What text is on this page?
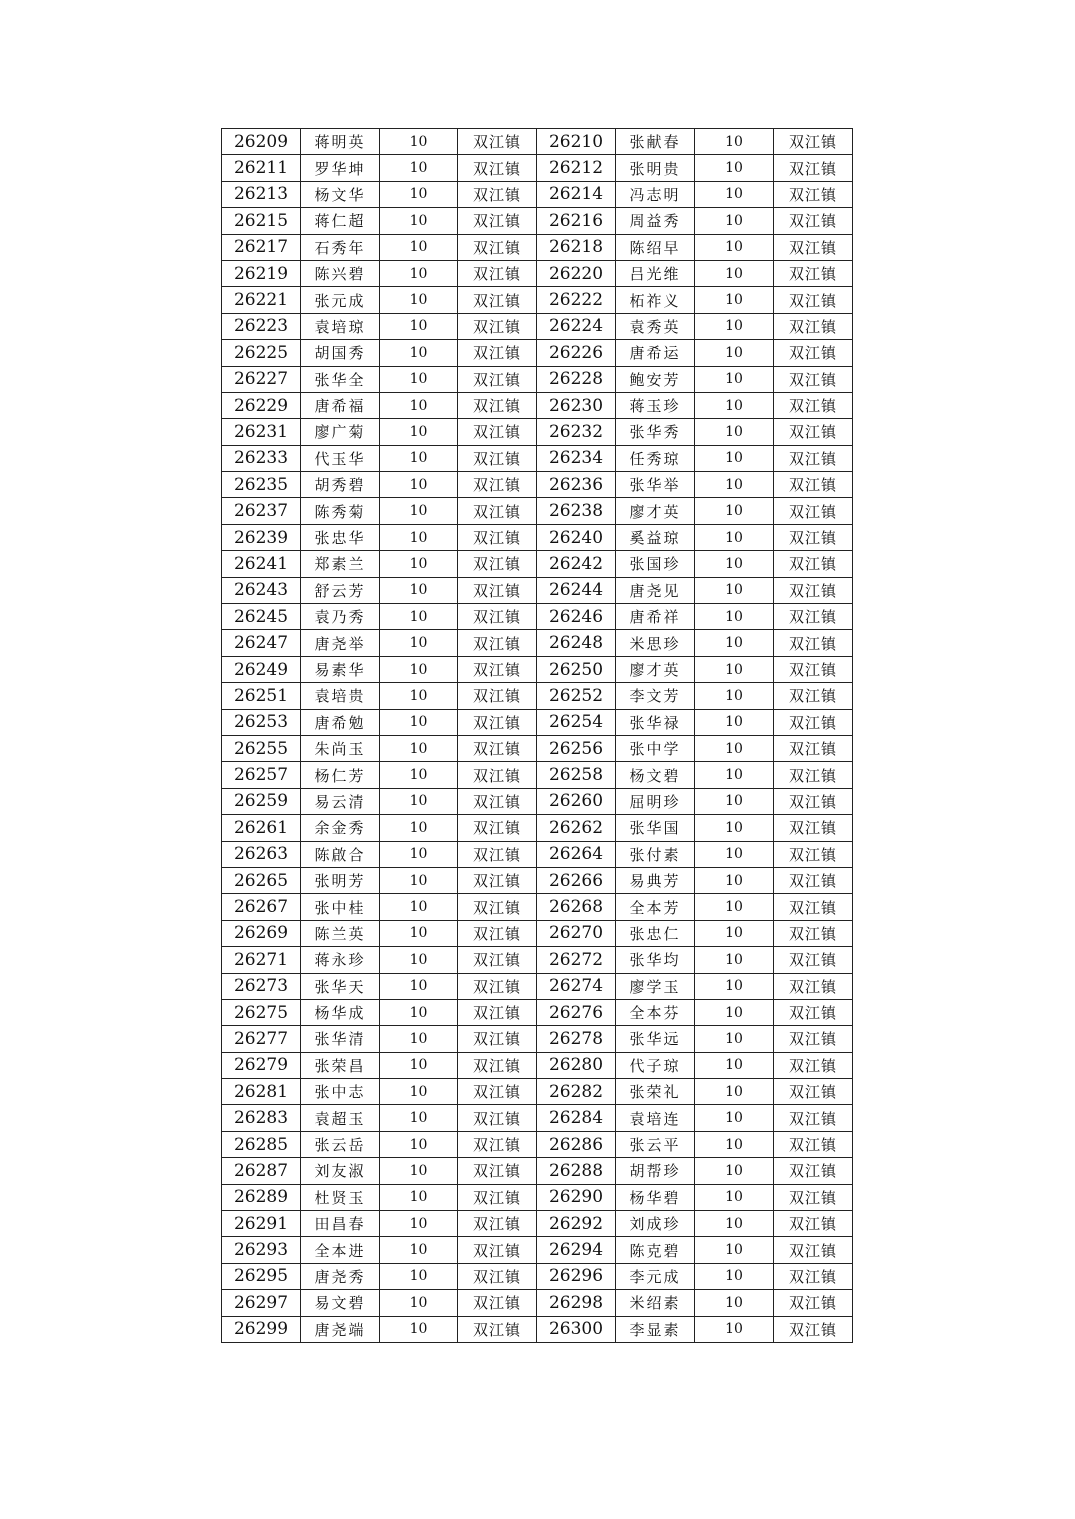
26209	蒋明英	10	双江镇	26210	张献春	10	双江镇
26211	罗华坤	10	双江镇	26212	张明贵	10	双江镇
26213	杨文华	10	双江镇	26214	冯志明	10	双江镇
26215	蒋仁超	10	双江镇	26216	周益秀	10	双江镇
26217	石秀年	10	双江镇	26218	陈绍早	10	双江镇
26219	陈兴碧	10	双江镇	26220	吕光维	10	双江镇
26221	张元成	10	双江镇	26222	柘祚义	10	双江镇
26223	袁培琼	10	双江镇	26224	袁秀英	10	双江镇
26225	胡国秀	10	双江镇	26226	唐希运	10	双江镇
26227	张华全	10	双江镇	26228	鲍安芳	10	双江镇
26229	唐希福	10	双江镇	26230	蒋玉珍	10	双江镇
26231	廖广菊	10	双江镇	26232	张华秀	10	双江镇
26233	代玉华	10	双江镇	26234	任秀琼	10	双江镇
26235	胡秀碧	10	双江镇	26236	张华举	10	双江镇
26237	陈秀菊	10	双江镇	26238	廖才英	10	双江镇
26239	张忠华	10	双江镇	26240	奚益琼	10	双江镇
26241	郑素兰	10	双江镇	26242	张国珍	10	双江镇
26243	舒云芳	10	双江镇	26244	唐尧见	10	双江镇
26245	袁乃秀	10	双江镇	26246	唐希祥	10	双江镇
26247	唐尧举	10	双江镇	26248	米思珍	10	双江镇
26249	易素华	10	双江镇	26250	廖才英	10	双江镇
26251	袁培贵	10	双江镇	26252	李文芳	10	双江镇
26253	唐希勉	10	双江镇	26254	张华禄	10	双江镇
26255	朱尚玉	10	双江镇	26256	张中学	10	双江镇
26257	杨仁芳	10	双江镇	26258	杨文碧	10	双江镇
26259	易云清	10	双江镇	26260	屈明珍	10	双江镇
26261	余金秀	10	双江镇	26262	张华国	10	双江镇
26263	陈啟合	10	双江镇	26264	张付素	10	双江镇
26265	张明芳	10	双江镇	26266	易典芳	10	双江镇
26267	张中桂	10	双江镇	26268	全本芳	10	双江镇
26269	陈兰英	10	双江镇	26270	张忠仁	10	双江镇
26271	蒋永珍	10	双江镇	26272	张华均	10	双江镇
26273	张华天	10	双江镇	26274	廖学玉	10	双江镇
26275	杨华成	10	双江镇	26276	全本芬	10	双江镇
26277	张华清	10	双江镇	26278	张华远	10	双江镇
26279	张荣昌	10	双江镇	26280	代子琼	10	双江镇
26281	张中志	10	双江镇	26282	张荣礼	10	双江镇
26283	袁超玉	10	双江镇	26284	袁培连	10	双江镇
26285	张云岳	10	双江镇	26286	张云平	10	双江镇
26287	刘友淑	10	双江镇	26288	胡帮珍	10	双江镇
26289	杜贤玉	10	双江镇	26290	杨华碧	10	双江镇
26291	田昌春	10	双江镇	26292	刘成珍	10	双江镇
26293	全本进	10	双江镇	26294	陈克碧	10	双江镇
26295	唐尧秀	10	双江镇	26296	李元成	10	双江镇
26297	易文碧	10	双江镇	26298	米绍素	10	双江镇
26299	唐尧端	10	双江镇	26300	李显素	10	双江镇
